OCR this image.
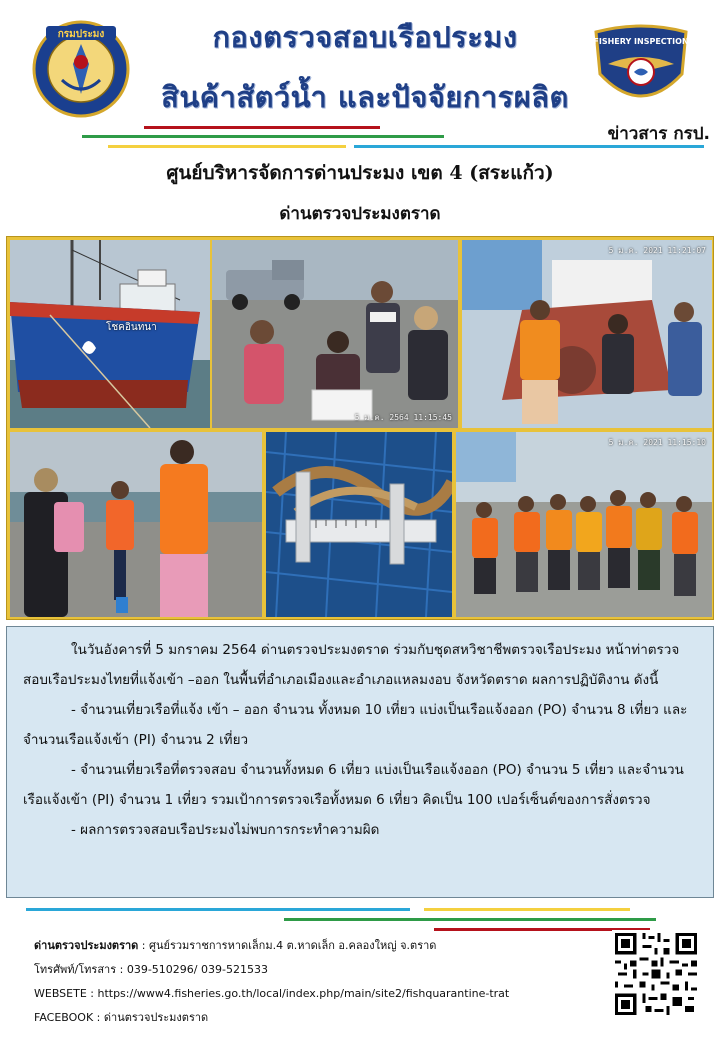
กรมประมง	กองตรวจสอบเรือประมง
สินค้าสัตว์น้ำ และปัจจัยการผลิต
FISHERY INSPECTION
DEPARTMENT OF FISHERIES
ข่าวสาร กรป.
ศูนย์บริหารจัดการด่านประมง เขต 4 (สระแก้ว)
ด่านตรวจประมงตราด
โชคอินทนา
5 ม.ค. 2564 11:15:45
5 ม.ค. 2021 11:21:07
5 ม.ค. 2021 11:15:10

ในวันอังคารที่ 5 มกราคม 2564 ด่านตรวจประมงตราด ร่วมกับชุดสหวิชาชีพตรวจเรือประมง หน้าท่าตรวจสอบเรือประมงไทยที่แจ้งเข้า –ออก ในพื้นที่อำเภอเมืองและอำเภอแหลมงอบ จังหวัดตราด ผลการปฏิบัติงาน ดังนี้

- จำนวนเที่ยวเรือที่แจ้ง เข้า – ออก จำนวน ทั้งหมด 10 เที่ยว แบ่งเป็นเรือแจ้งออก (PO) จำนวน 8 เที่ยว และจำนวนเรือแจ้งเข้า (PI) จำนวน 2 เที่ยว

- จำนวนเที่ยวเรือที่ตรวจสอบ จำนวนทั้งหมด 6 เที่ยว แบ่งเป็นเรือแจ้งออก (PO) จำนวน 5 เที่ยว และจำนวนเรือแจ้งเข้า (PI) จำนวน 1 เที่ยว รวมเป้าการตรวจเรือทั้งหมด 6 เที่ยว คิดเป็น 100 เปอร์เซ็นต์ของการสั่งตรวจ

- ผลการตรวจสอบเรือประมงไม่พบการกระทำความผิด

ด่านตรวจประมงตราด : ศูนย์รวมราชการหาดเล็กม.4 ต.หาดเล็ก อ.คลองใหญ่ จ.ตราด
โทรศัพท์/โทรสาร : 039-510296/ 039-521533
WEBSETE : https://www4.fisheries.go.th/local/index.php/main/site2/fishquarantine-trat
FACEBOOK : ด่านตรวจประมงตราด
